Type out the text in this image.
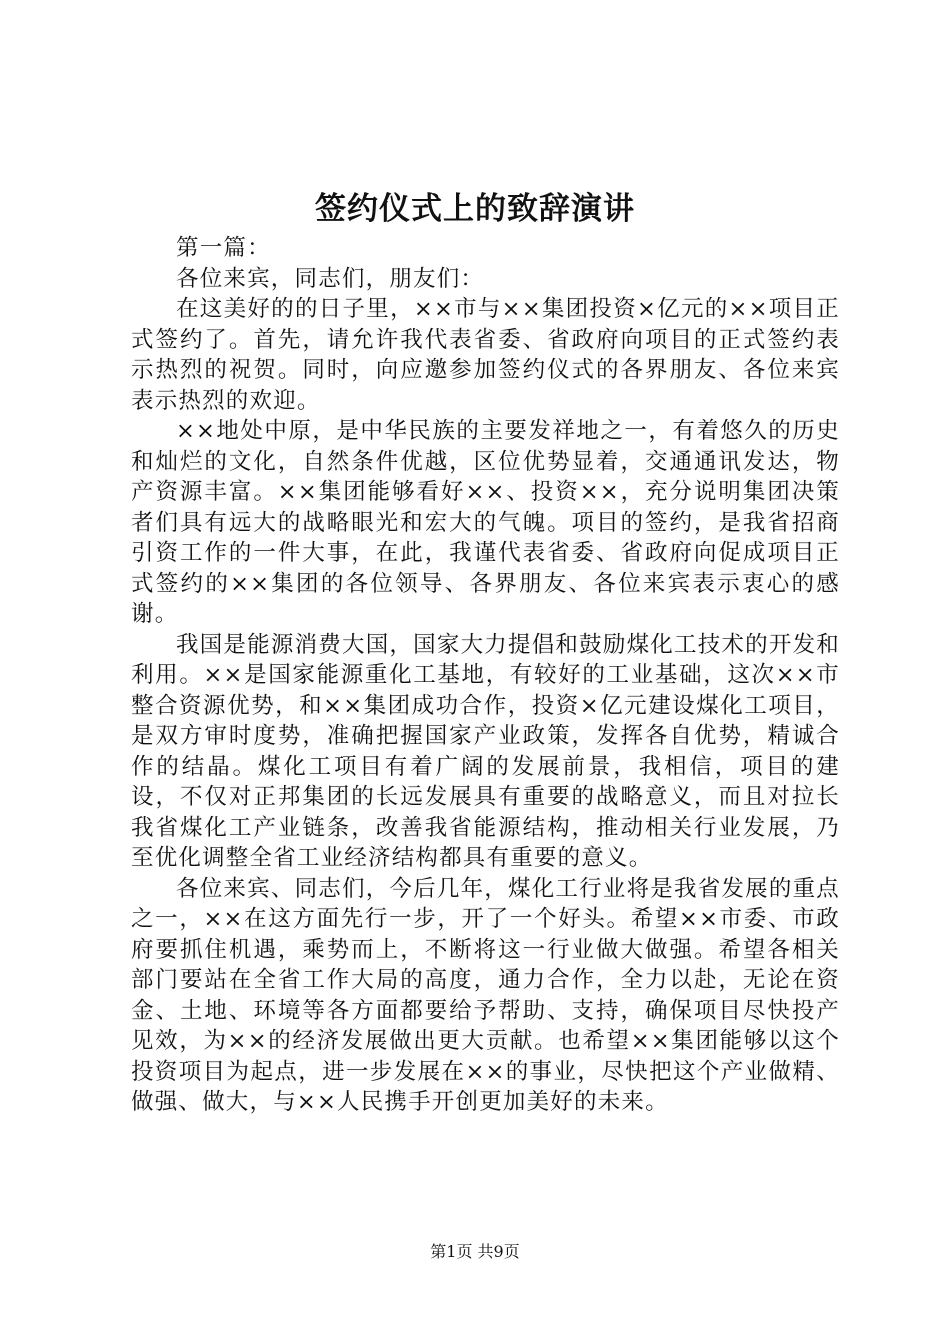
签约仪式上的致辞演讲

第一篇：

各位来宾，同志们，朋友们：

在这美好的的日子里，××市与××集团投资×亿元的××项目正式签约了。首先，请允许我代表省委、省政府向项目的正式签约表示热烈的祝贺。同时，向应邀参加签约仪式的各界朋友、各位来宾表示热烈的欢迎。

××地处中原，是中华民族的主要发祥地之一，有着悠久的历史和灿烂的文化，自然条件优越，区位优势显着，交通通讯发达，物产资源丰富。××集团能够看好××、投资××，充分说明集团决策者们具有远大的战略眼光和宏大的气魄。项目的签约，是我省招商引资工作的一件大事，在此，我谨代表省委、省政府向促成项目正式签约的××集团的各位领导、各界朋友、各位来宾表示衷心的感谢。

我国是能源消费大国，国家大力提倡和鼓励煤化工技术的开发和利用。××是国家能源重化工基地，有较好的工业基础，这次××市整合资源优势，和××集团成功合作，投资×亿元建设煤化工项目，是双方审时度势，准确把握国家产业政策，发挥各自优势，精诚合作的结晶。煤化工项目有着广阔的发展前景，我相信，项目的建设，不仅对正邦集团的长远发展具有重要的战略意义，而且对拉长我省煤化工产业链条，改善我省能源结构，推动相关行业发展，乃至优化调整全省工业经济结构都具有重要的意义。

各位来宾、同志们，今后几年，煤化工行业将是我省发展的重点之一，××在这方面先行一步，开了一个好头。希望××市委、市政府要抓住机遇，乘势而上，不断将这一行业做大做强。希望各相关部门要站在全省工作大局的高度，通力合作，全力以赴，无论在资金、土地、环境等各方面都要给予帮助、支持，确保项目尽快投产见效，为××的经济发展做出更大贡献。也希望××集团能够以这个投资项目为起点，进一步发展在××的事业，尽快把这个产业做精、做强、做大，与××人民携手开创更加美好的未来。

第1页 共9页
